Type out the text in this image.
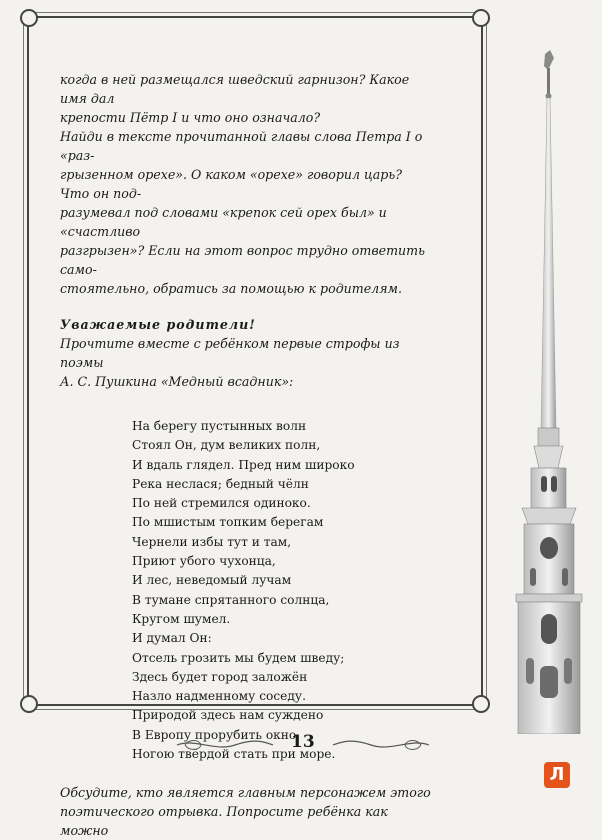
когда в ней размещался шведский гарнизон? Какое имя дал
крепости Пётр I и что оно означало?
Найди в тексте прочитанной главы слова Петра I о «раз-
грызенном орехе». О каком «орехе» говорил царь? Что он под-
разумевал под словами «крепок сей орех был» и «счастливо
разгрызен»? Если на этот вопрос трудно ответить само-
стоятельно, обратись за помощью к родителям.
Уважаемые родители!
Прочтите вместе с ребёнком первые строфы из поэмы
А. С. Пушкина «Медный всадник»:
На берегу пустынных волн
Стоял Он, дум великих полн,
И вдаль глядел. Пред ним широко
Река неслася; бедный чёлн
По ней стремился одиноко.
По мшистым топким берегам
Чернели избы тут и там,
Приют убого чухонца,
И лес, неведомый лучам
В тумане спрятанного солнца,
Кругом шумел.
И думал Он:
Отсель грозить мы будем шведу;
Здесь будет город заложён
Назло надменному соседу.
Природой здесь нам суждено
В Европу прорубить окно,
Ногою твёрдой стать при море.
Обсудите, кто является главным персонажем этого
поэтического отрывка. Попросите ребёнка как можно
13
Л
